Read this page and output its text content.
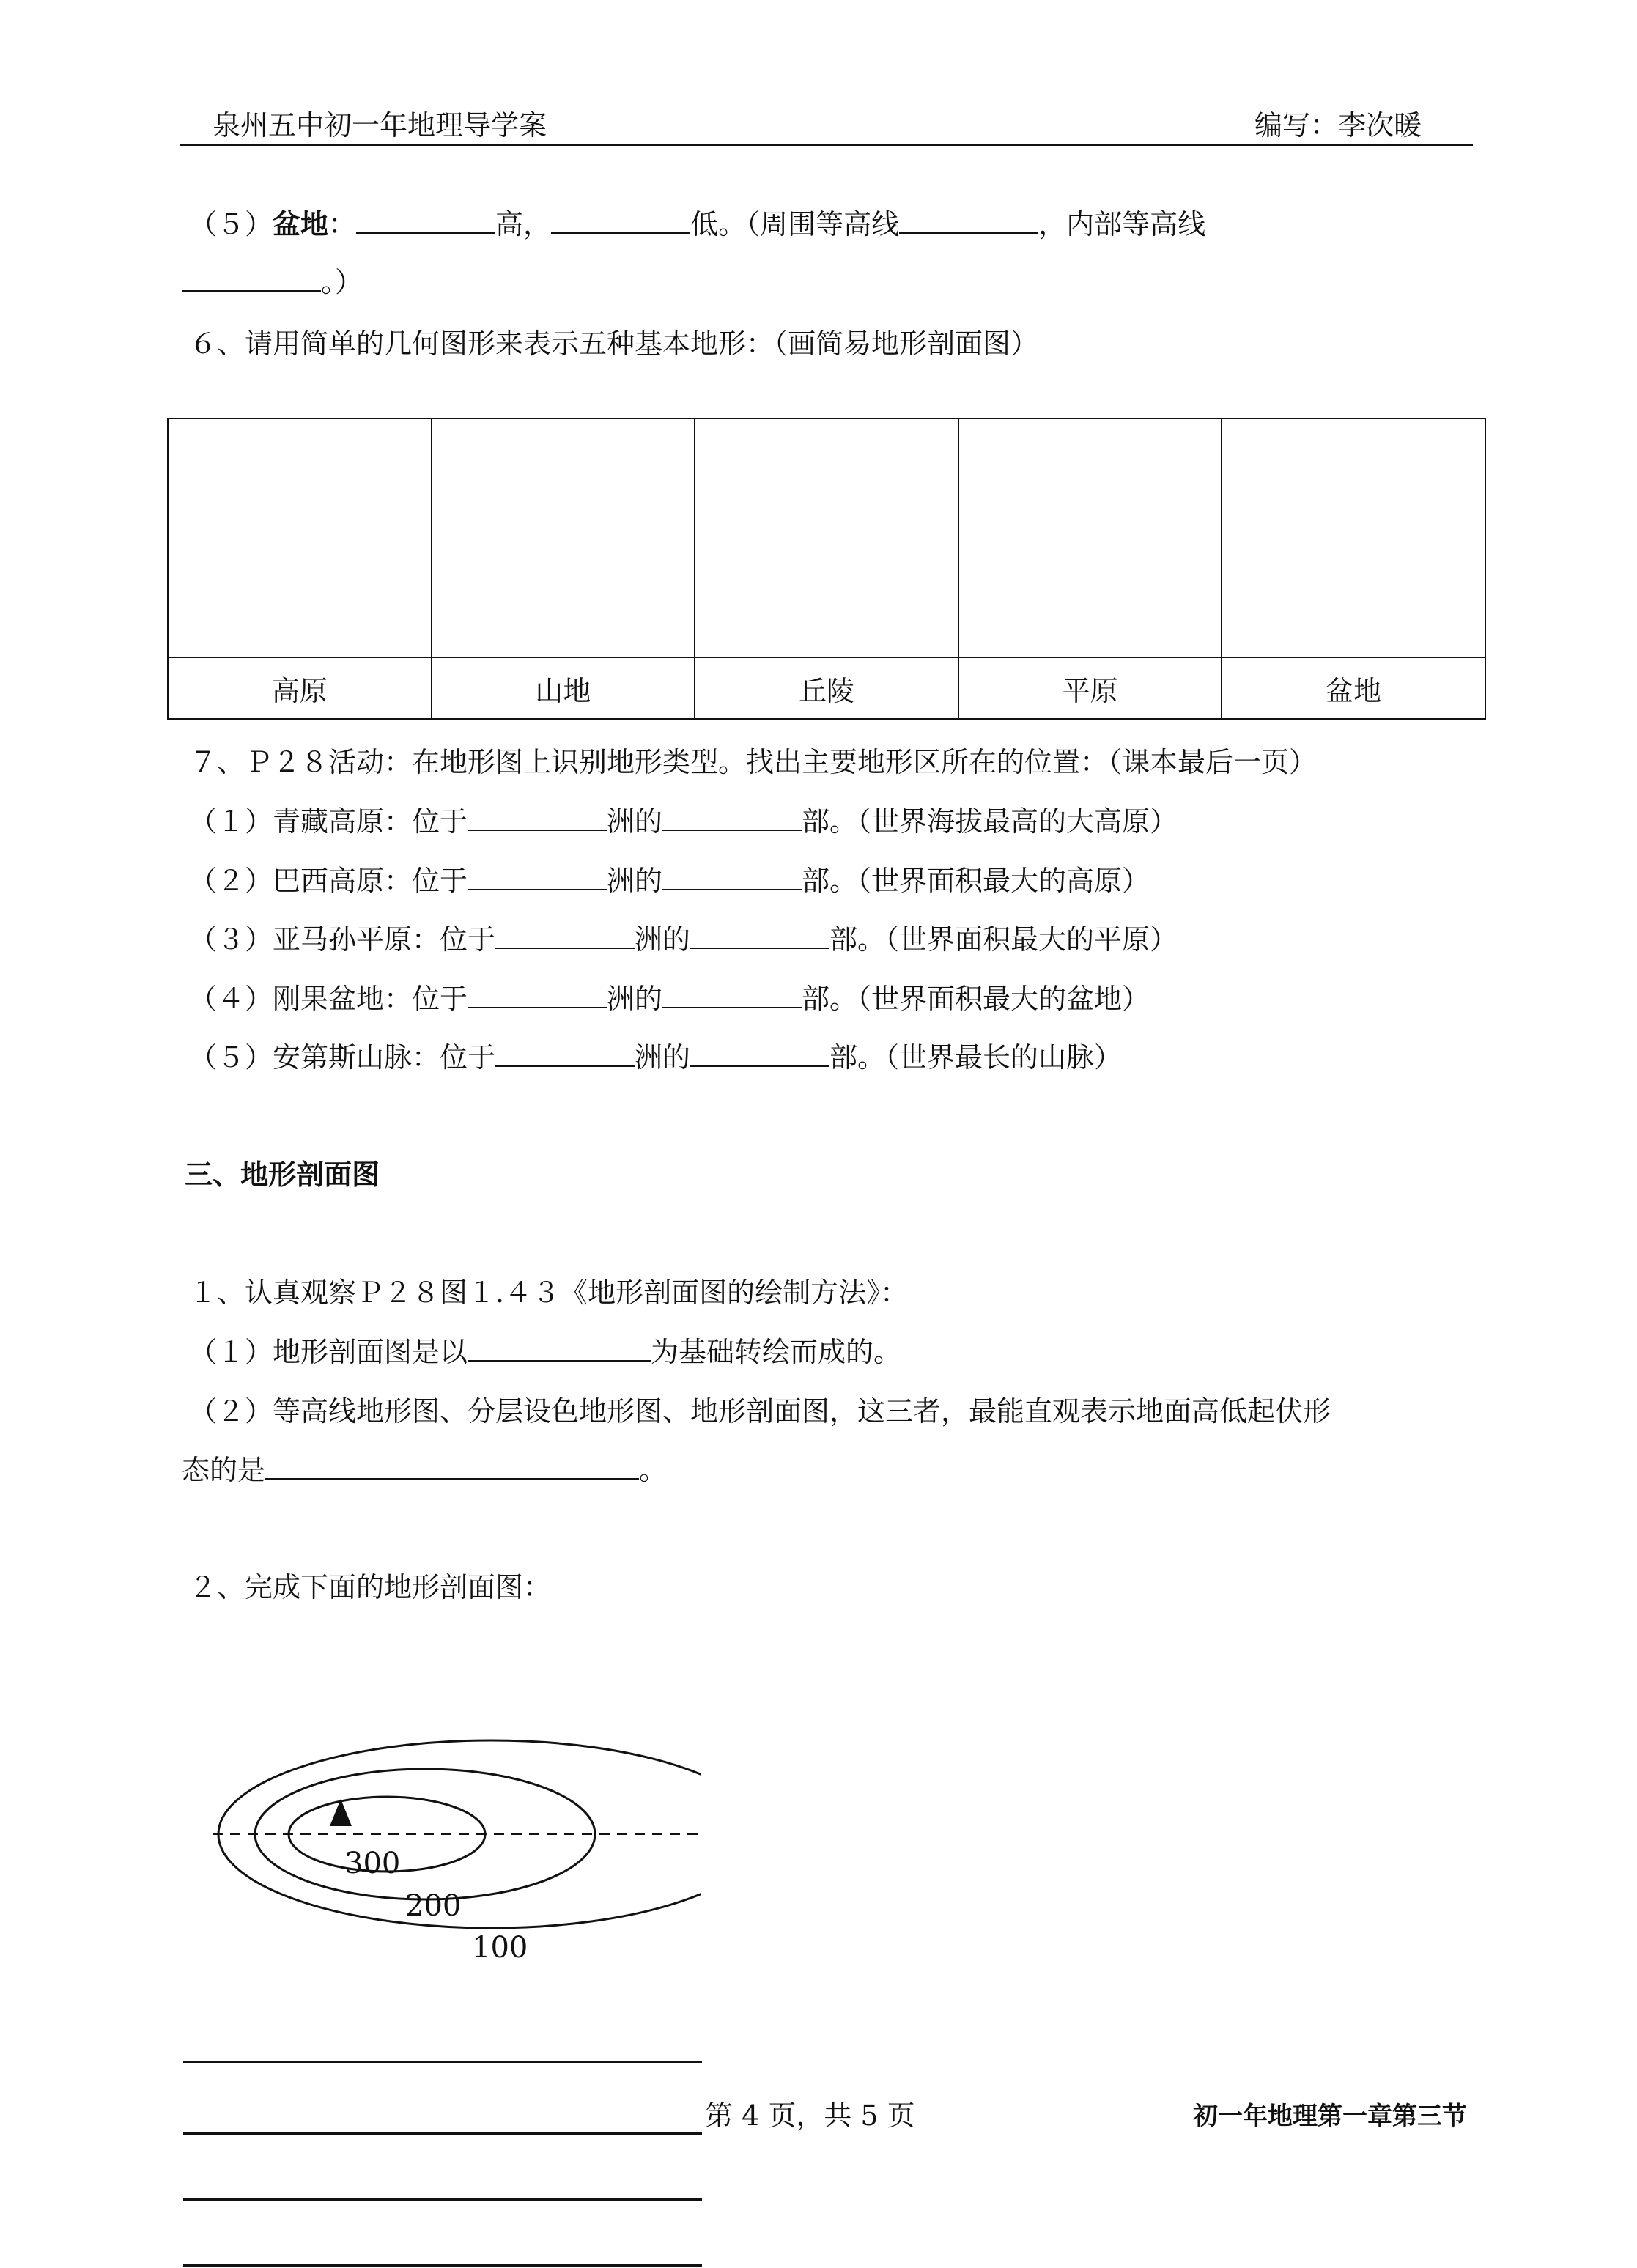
泉州五中初一年地理导学案	编写：李次暖
（５）盆地：	高，	低。（周围等高线	，内部等高线
。）
６、请用简单的几何图形来表示五种基本地形：（画简易地形剖面图）

高原	山地	丘陵	平原	盆地
７、Ｐ２８活动：在地形图上识别地形类型。找出主要地形区所在的位置：（课本最后一页）
（１）青藏高原：位于	洲的	部。（世界海拔最高的大高原）
（２）巴西高原：位于	洲的	部。（世界面积最大的高原）
（３）亚马孙平原：位于	洲的	部。（世界面积最大的平原）
（４）刚果盆地：位于	洲的	部。（世界面积最大的盆地）
（５）安第斯山脉：位于	洲的	部。（世界最长的山脉）
三、地形剖面图
１、认真观察Ｐ２８图１.４３《地形剖面图的绘制方法》：
（１）地形剖面图是以	为基础转绘而成的。
（２）等高线地形图、分层设色地形图、地形剖面图，这三者，最能直观表示地面高低起伏形
态的是	。
２、完成下面的地形剖面图：
300
200
100
第 4 页，共 5 页	初一年地理第一章第三节
